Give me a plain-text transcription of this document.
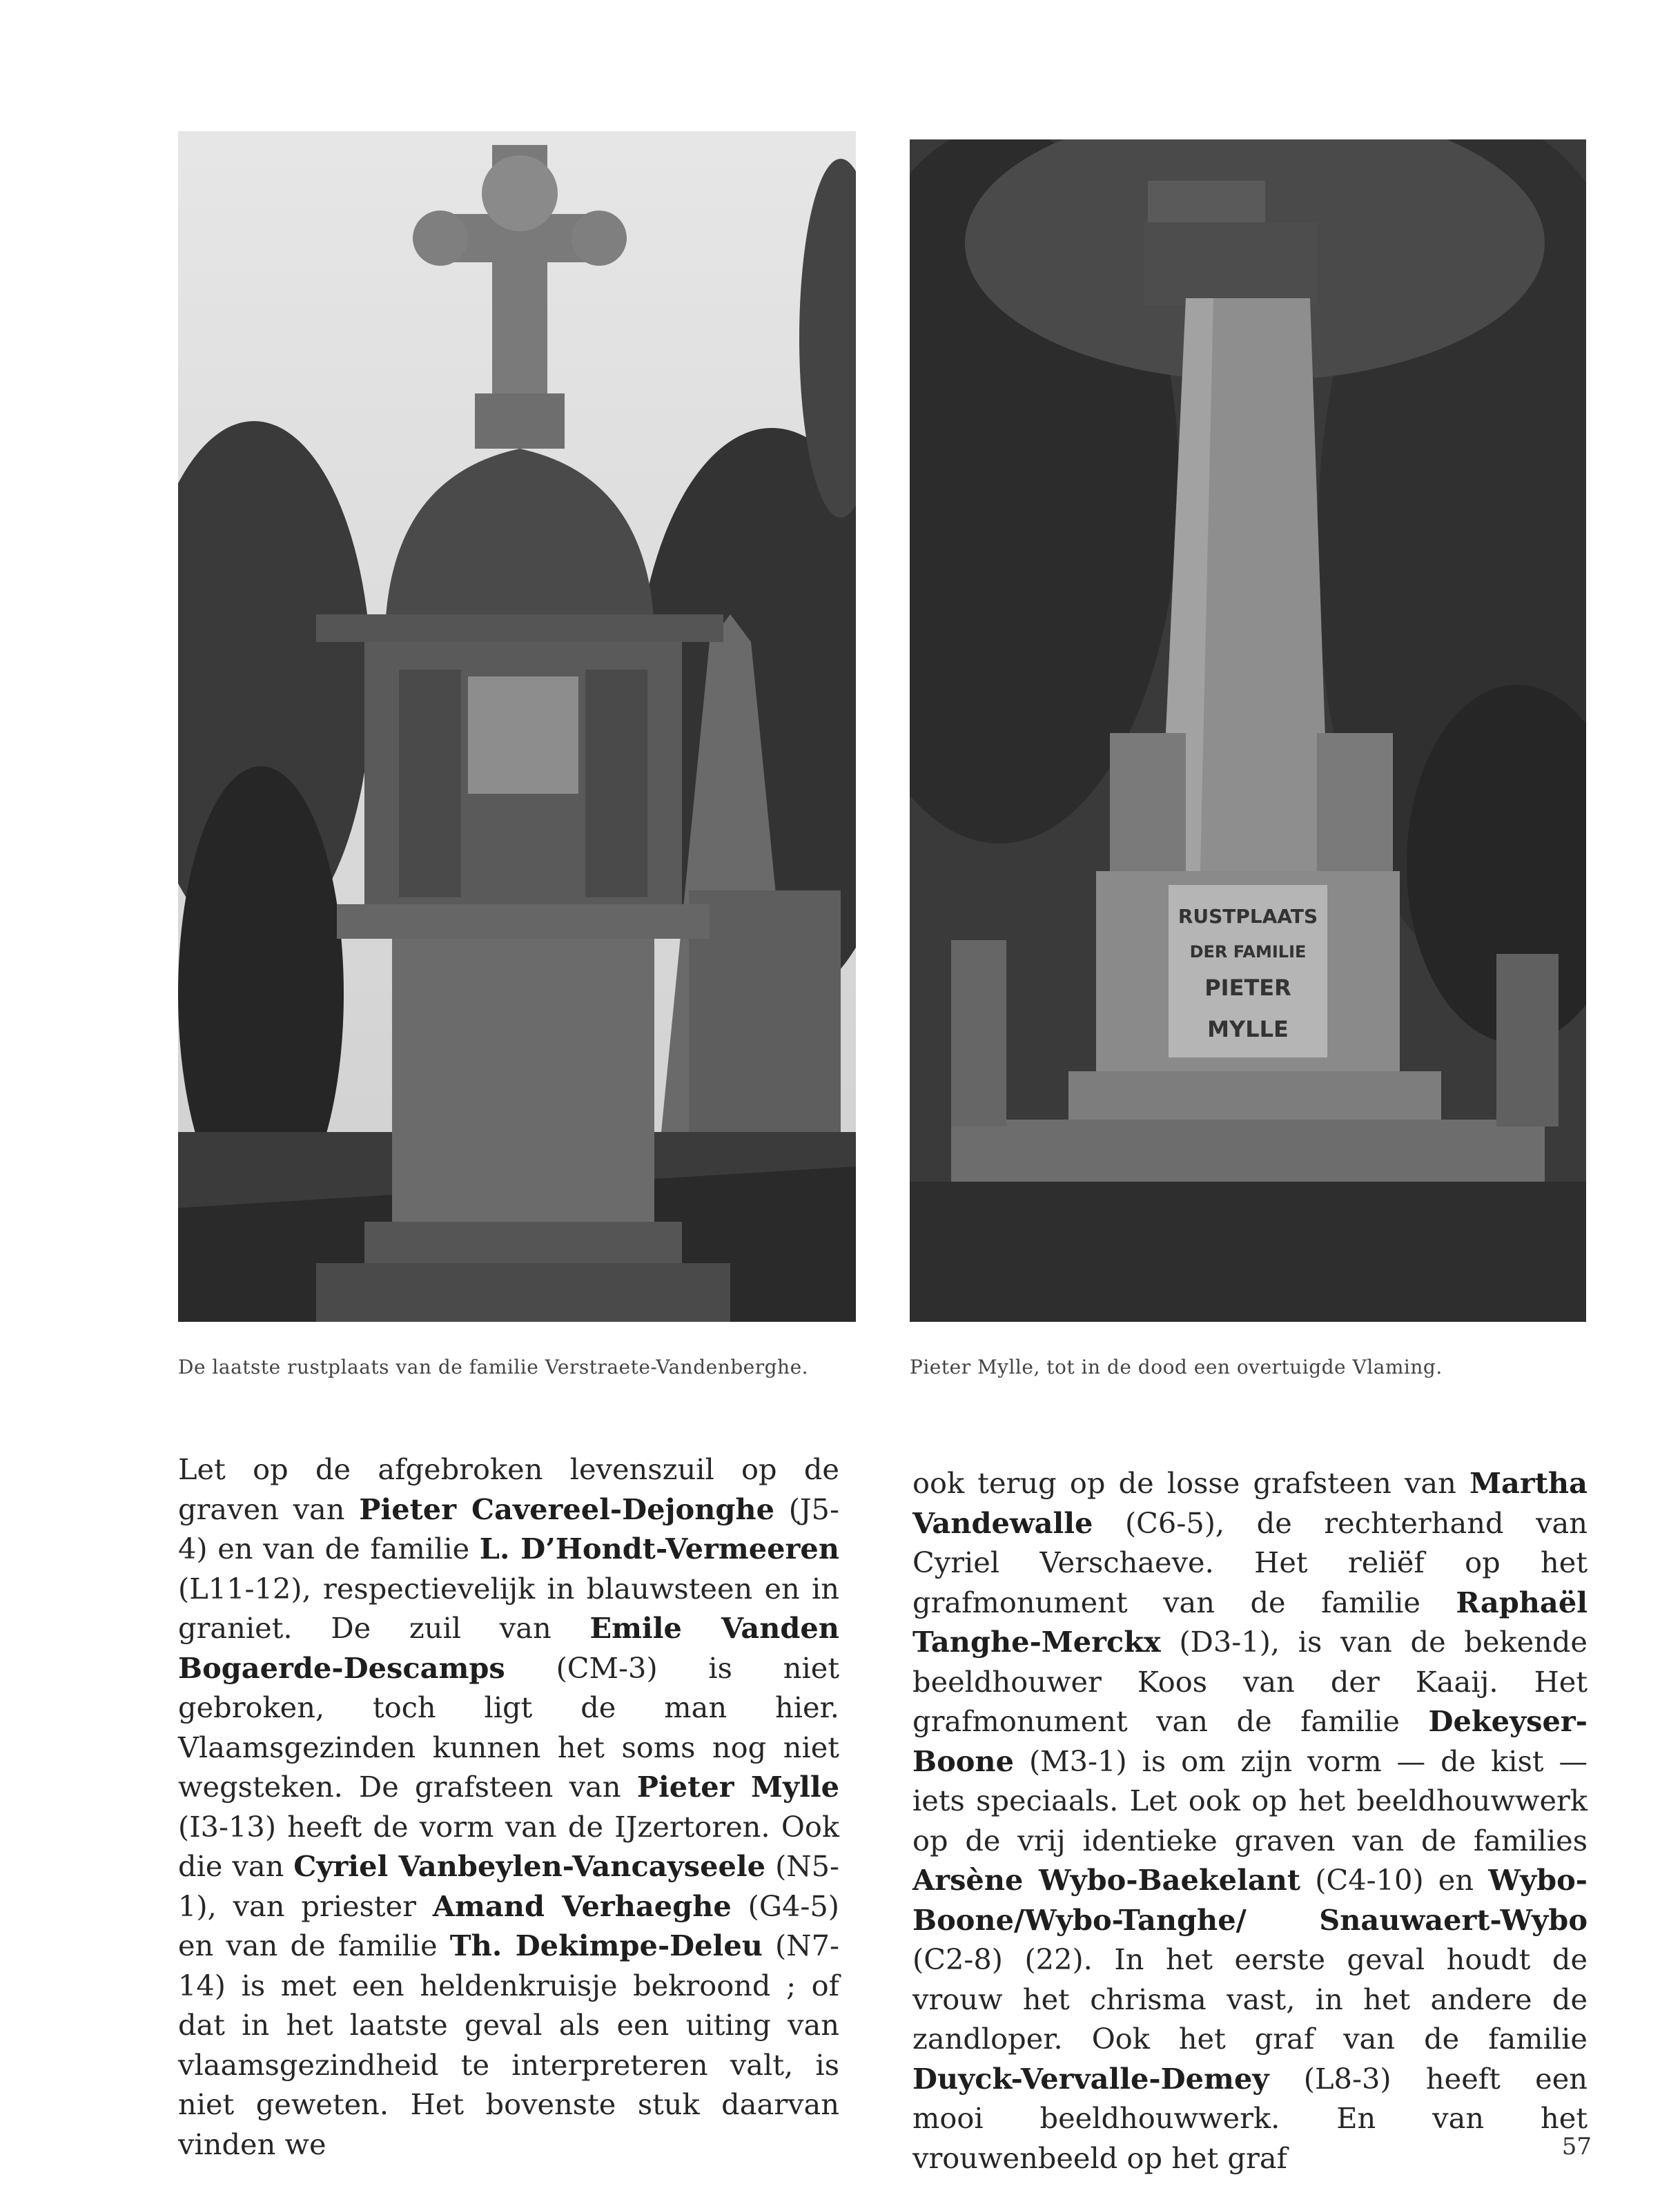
RUSTPLAATS
DER FAMILIE
PIETER
MYLLE
De laatste rustplaats van de familie Verstraete-Vandenberghe.	Pieter Mylle, tot in de dood een overtuigde Vlaming.
Let op de afgebroken levenszuil op de graven van Pieter Cavereel-Dejonghe (J5-4) en van de familie L. D’Hondt-Vermeeren (L11-12), respectievelijk in blauwsteen en in graniet. De zuil van Emile Vanden Bogaerde-Descamps (CM-3) is niet gebroken, toch ligt de man hier. Vlaamsgezinden kunnen het soms nog niet wegsteken. De grafsteen van Pieter Mylle (I3-13) heeft de vorm van de IJzertoren. Ook die van Cyriel Vanbeylen-Vancayseele (N5-1), van priester Amand Verhaeghe (G4-5) en van de familie Th. Dekimpe-Deleu (N7-14) is met een heldenkruisje bekroond ; of dat in het laatste geval als een uiting van vlaamsgezindheid te interpreteren valt, is niet geweten. Het bovenste stuk daarvan vinden we
ook terug op de losse grafsteen van Martha Vandewalle (C6-5), de rechterhand van Cyriel Verschaeve. Het reliëf op het grafmonument van de familie Raphaël Tanghe-Merckx (D3-1), is van de bekende beeldhouwer Koos van der Kaaij. Het grafmonument van de familie Dekeyser-Boone (M3-1) is om zijn vorm — de kist — iets speciaals. Let ook op het beeldhouwwerk op de vrij identieke graven van de families Arsène Wybo-Baekelant (C4-10) en Wybo-Boone/Wybo-Tanghe/ Snauwaert-Wybo (C2-8) (22). In het eerste geval houdt de vrouw het chrisma vast, in het andere de zandloper. Ook het graf van de familie Duyck-Vervalle-Demey (L8-3) heeft een mooi beeldhouwwerk. En van het vrouwenbeeld op het graf	57
